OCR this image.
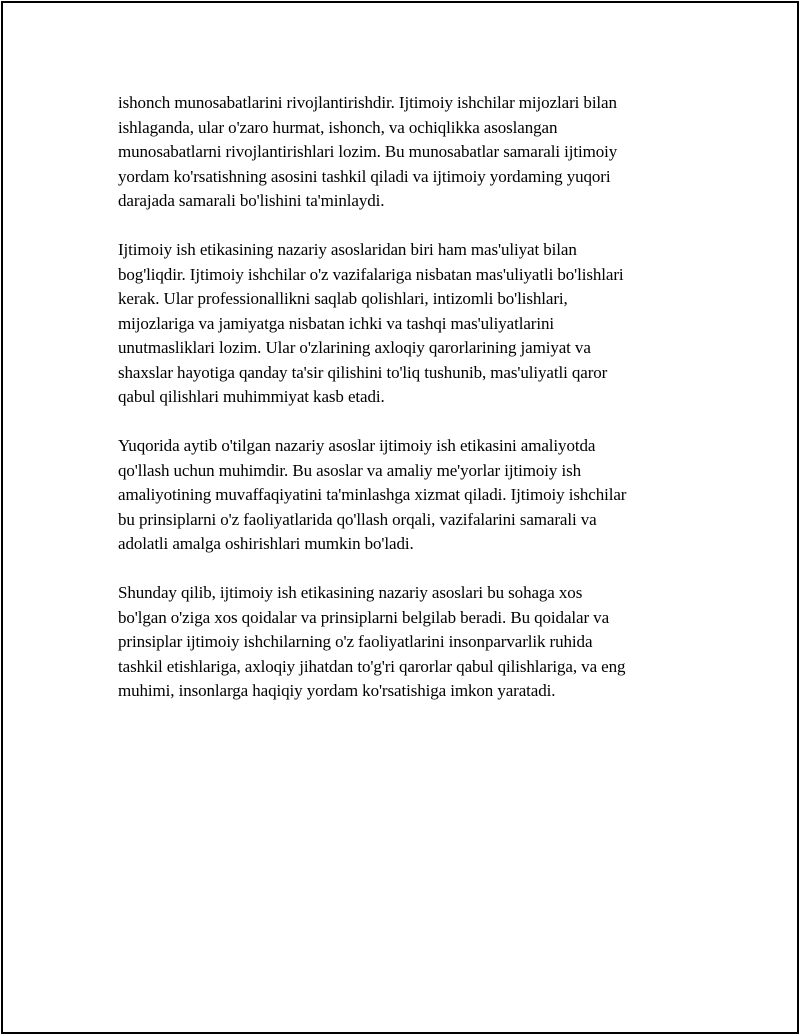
ishonch munosabatlarini rivojlantirishdir. Ijtimoiy ishchilar mijozlari bilan
ishlaganda, ular o'zaro hurmat, ishonch, va ochiqlikka asoslangan
munosabatlarni rivojlantirishlari lozim. Bu munosabatlar samarali ijtimoiy
yordam ko'rsatishning asosini tashkil qiladi va ijtimoiy yordaming yuqori
darajada samarali bo'lishini ta'minlaydi.

Ijtimoiy ish etikasining nazariy asoslaridan biri ham mas'uliyat bilan
bog'liqdir. Ijtimoiy ishchilar o'z vazifalariga nisbatan mas'uliyatli bo'lishlari
kerak. Ular professionallikni saqlab qolishlari, intizomli bo'lishlari,
mijozlariga va jamiyatga nisbatan ichki va tashqi mas'uliyatlarini
unutmasliklari lozim. Ular o'zlarining axloqiy qarorlarining jamiyat va
shaxslar hayotiga qanday ta'sir qilishini to'liq tushunib, mas'uliyatli qaror
qabul qilishlari muhimmiyat kasb etadi.

Yuqorida aytib o'tilgan nazariy asoslar ijtimoiy ish etikasini amaliyotda
qo'llash uchun muhimdir. Bu asoslar va amaliy me'yorlar ijtimoiy ish
amaliyotining muvaffaqiyatini ta'minlashga xizmat qiladi. Ijtimoiy ishchilar
bu prinsiplarni o'z faoliyatlarida qo'llash orqali, vazifalarini samarali va
adolatli amalga oshirishlari mumkin bo'ladi.

Shunday qilib, ijtimoiy ish etikasining nazariy asoslari bu sohaga xos
bo'lgan o'ziga xos qoidalar va prinsiplarni belgilab beradi. Bu qoidalar va
prinsiplar ijtimoiy ishchilarning o'z faoliyatlarini insonparvarlik ruhida
tashkil etishlariga, axloqiy jihatdan to'g'ri qarorlar qabul qilishlariga, va eng
muhimi, insonlarga haqiqiy yordam ko'rsatishiga imkon yaratadi.
